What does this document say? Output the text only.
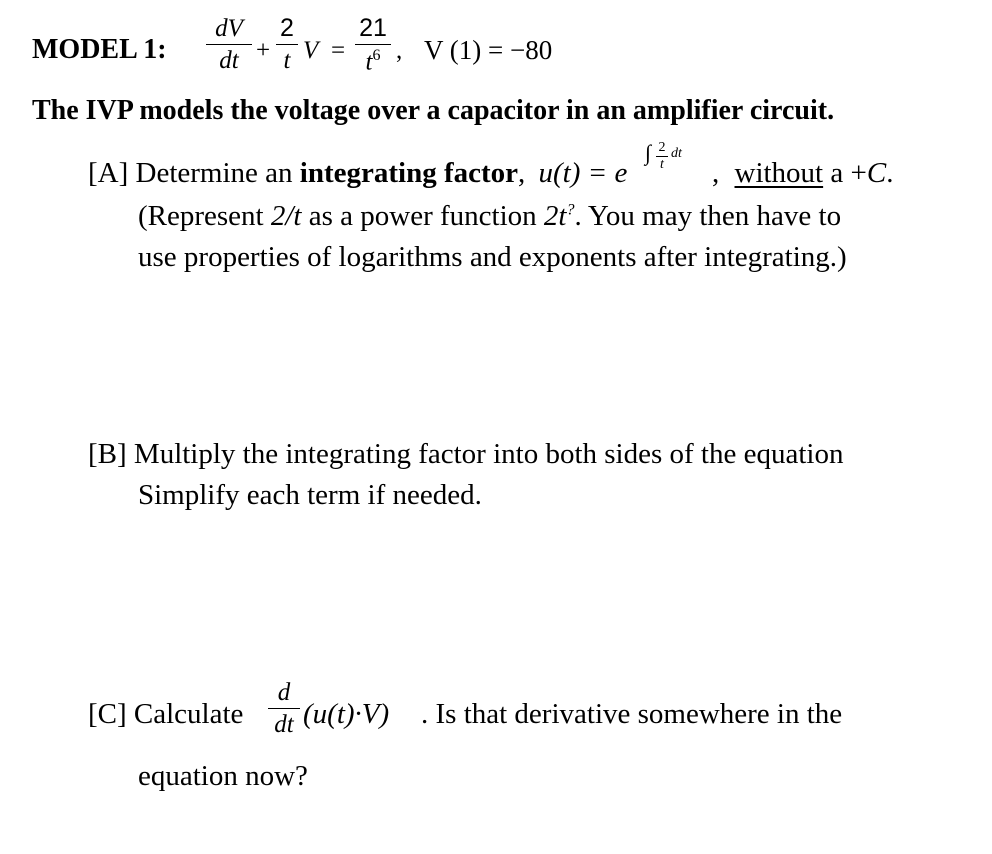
MODEL 1:
dV
dt +
2
t V =
21
$t^6$ , V (1) = −80
The IVP models the voltage over a capacitor in an amplifier circuit.
[A] Determine an integrating factor, u(t) = e
∫ 2
t
dt
, without a +C.
(Represent 2/t as a power function 2t?. You may then have to
use properties of logarithms and exponents after integrating.)
[B] Multiply the integrating factor into both sides of the equation
Simplify each term if needed.
[C] Calculate
d
dt (u(t)·V) . Is that derivative somewhere in the
equation now?
